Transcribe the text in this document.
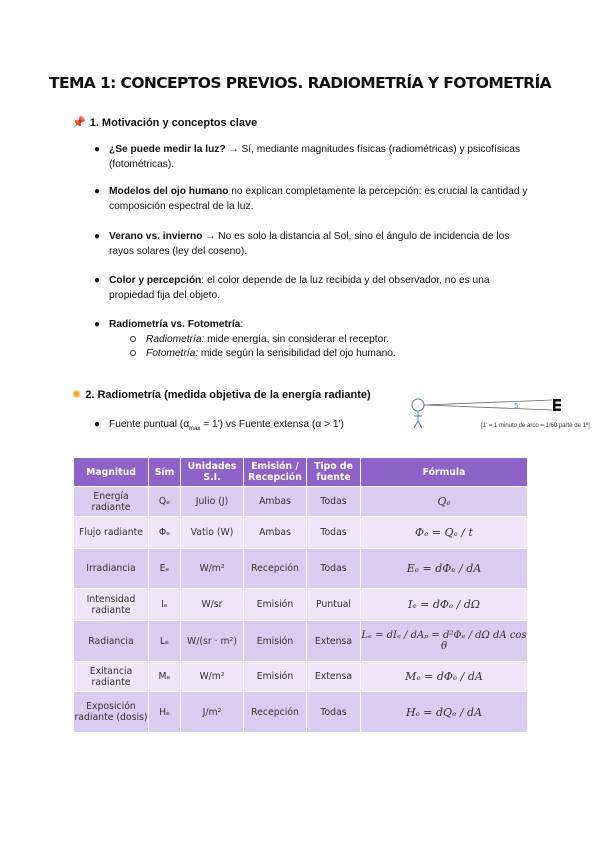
TEMA 1: CONCEPTOS PREVIOS. RADIOMETRÍA Y FOTOMETRÍA
📌 1. Motivación y conceptos clave
● ¿Se puede medir la luz? → Sí, mediante magnitudes físicas (radiométricas) y psicofísicas (fotométricas).
● Modelos del ojo humano no explican completamente la percepción: es crucial la cantidad y composición espectral de la luz.
● Verano vs. invierno → No es solo la distancia al Sol, sino el ángulo de incidencia de los rayos solares (ley del coseno).
● Color y percepción: el color depende de la luz recibida y del observador, no es una propiedad fija del objeto.
● Radiometría vs. Fotometría:
Radiometría: mide energía, sin considerar el receptor.
Fotometría: mide según la sensibilidad del ojo humano.
✺ 2. Radiometría (medida objetiva de la energía radiante)
● Fuente puntual $(\alpha_{max} = 1')$ vs Fuente extensa (α > 1')
5
[1' = 1 minuto de arco = 1/60 parte de 1º]
Magnitud	Sím	Unidades S.I.	Emisión / Recepción	Tipo de fuente	Fórmula
Energía radiante	Qₑ	Julio (J)	Ambas	Todas	Qₑ
Flujo radiante	Φₑ	Vatio (W)	Ambas	Todas	Φₑ = Qₑ / t
Irradiancia	Eₑ	W/m²	Recepción	Todas	Eₑ = dΦₑ / dA
Intensidad radiante	Iₑ	W/sr	Emisión	Puntual	Iₑ = dΦₑ / dΩ
Radiancia	Lₑ	W/(sr · m²)	Emisión	Extensa	Lₑ = dIₑ / dAₚ = d²Φₑ / dΩ dA cos θ
Exitancia radiante	Mₑ	W/m²	Emisión	Extensa	Mₑ = dΦₑ / dA
Exposición radiante (dosis)	Hₑ	J/m²	Recepción	Todas	Hₑ = dQₑ / dA
